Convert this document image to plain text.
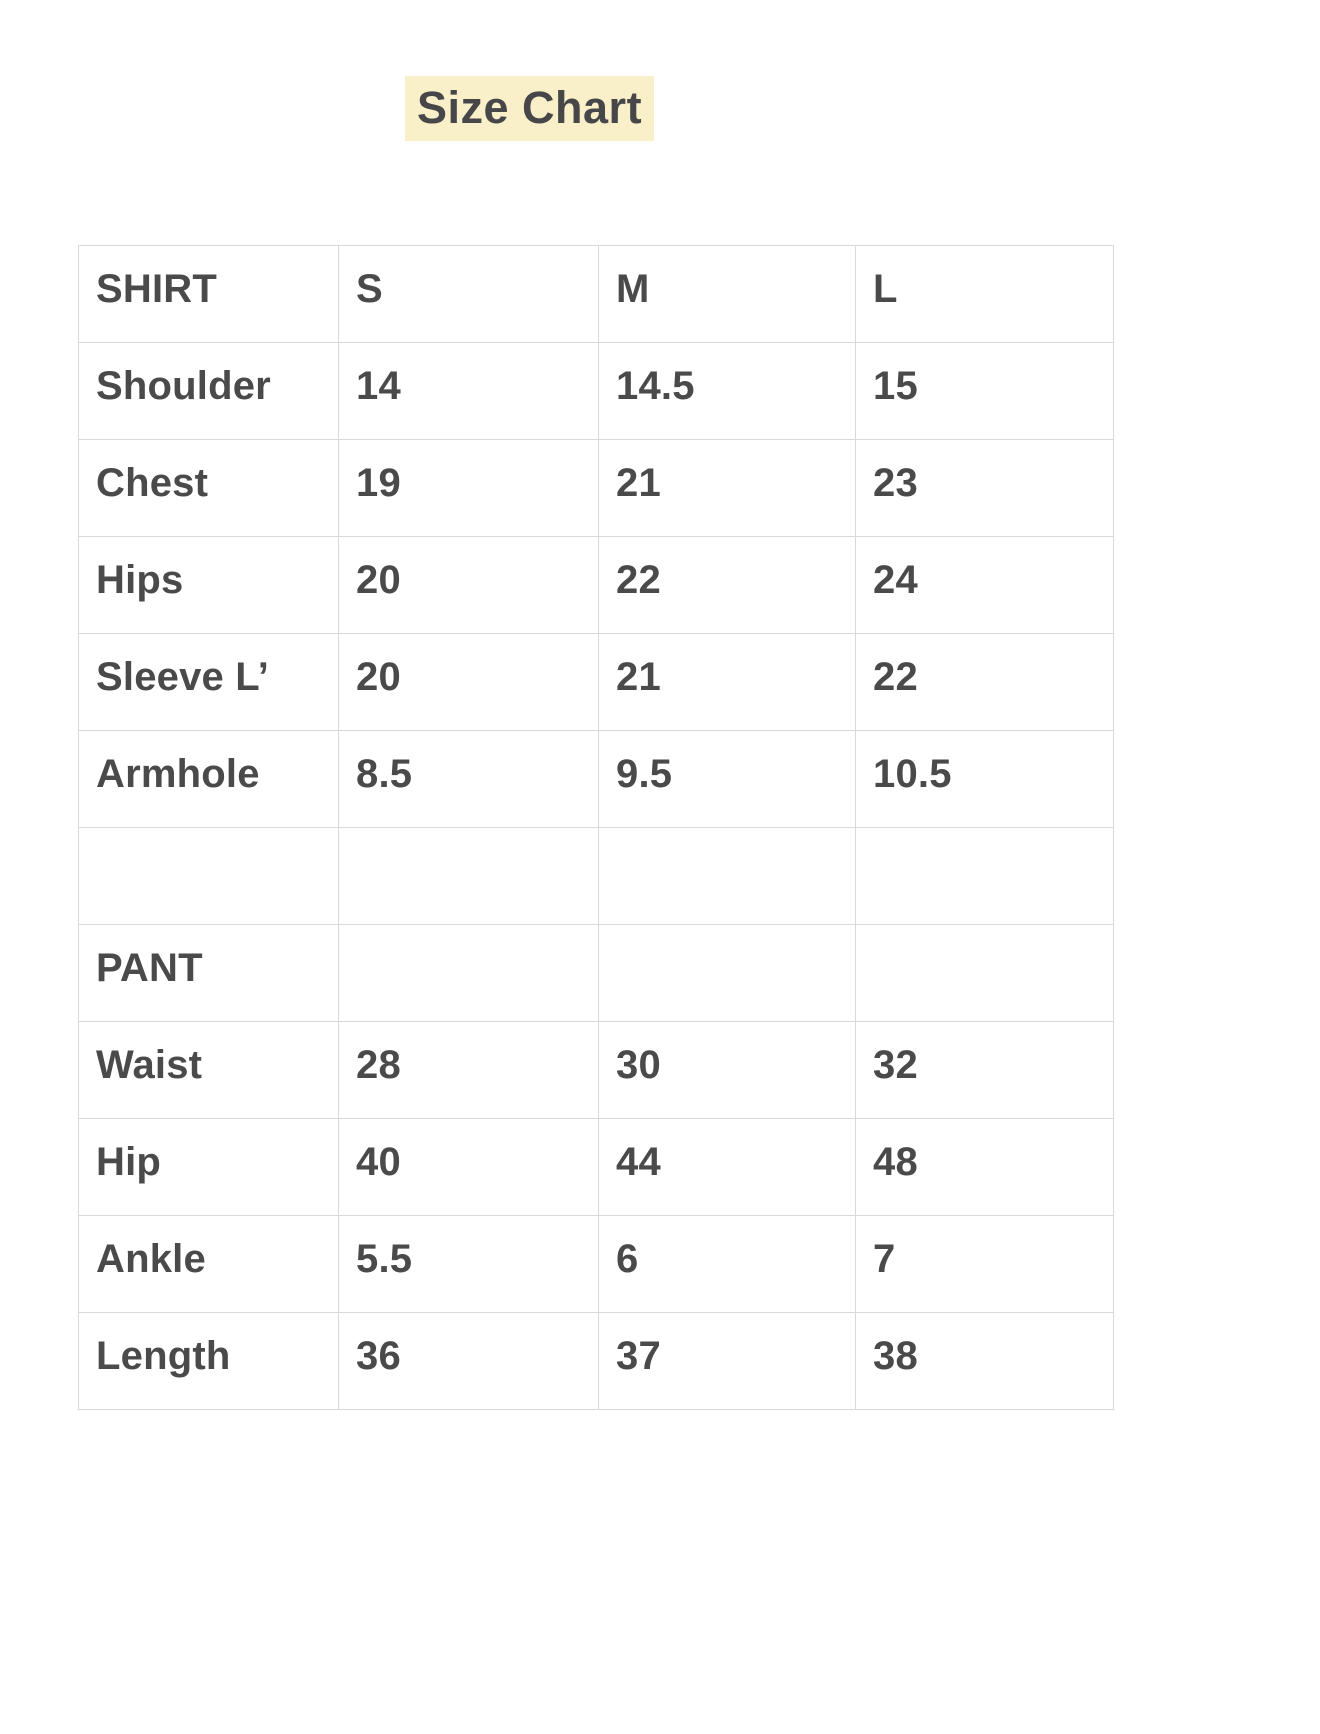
Size Chart
SHIRT	S	M	L
Shoulder	14	14.5	15
Chest	19	21	23
Hips	20	22	24
Sleeve L’	20	21	22
Armhole	8.5	9.5	10.5

PANT			
Waist	28	30	32
Hip	40	44	48
Ankle	5.5	6	7
Length	36	37	38
